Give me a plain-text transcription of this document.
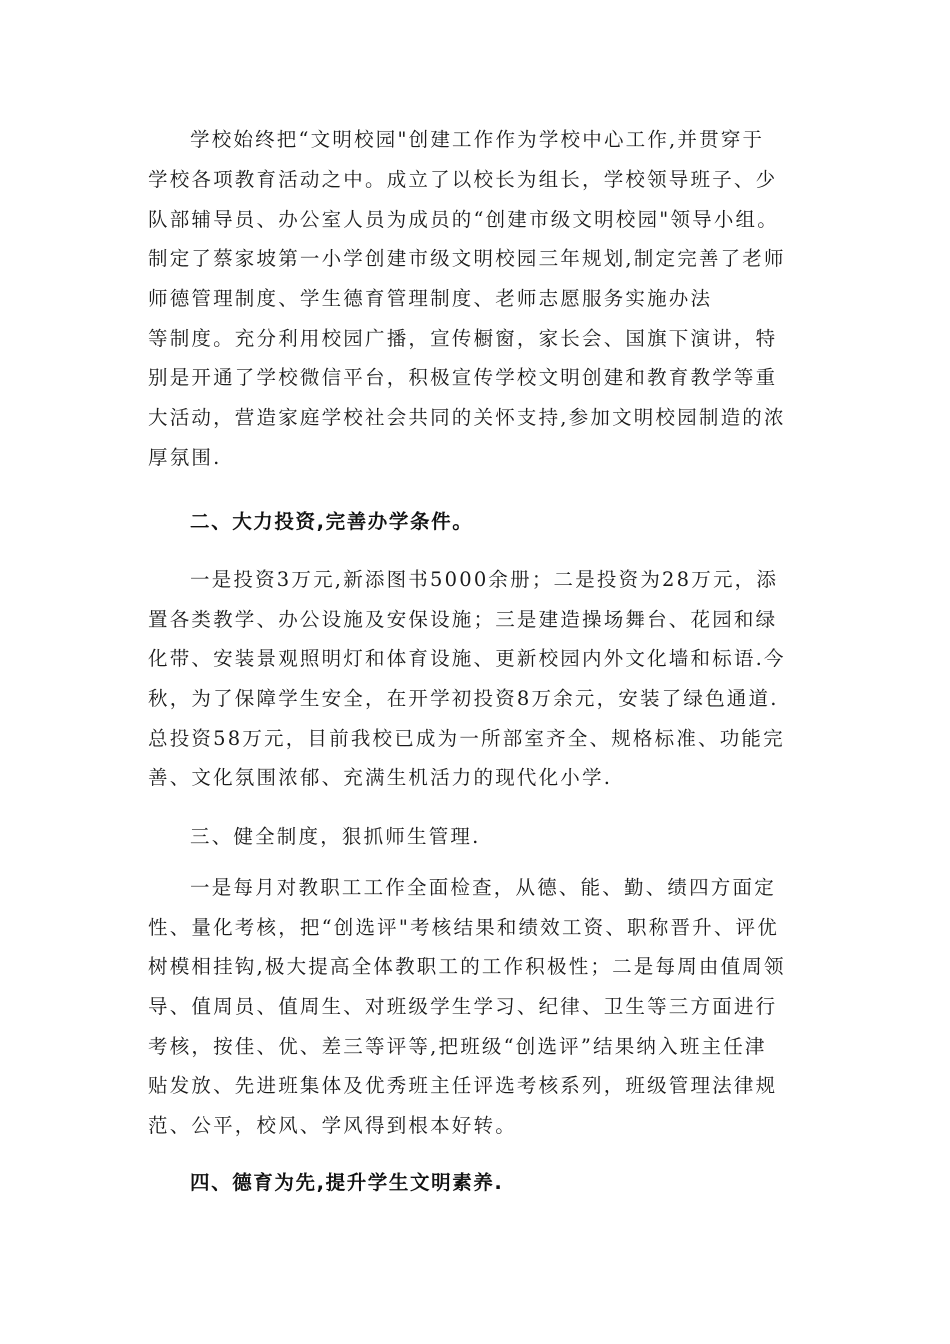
学校始终把“文明校园"创建工作作为学校中心工作,并贯穿于
学校各项教育活动之中。成立了以校长为组长，学校领导班子、少
队部辅导员、办公室人员为成员的“创建市级文明校园"领导小组。
制定了蔡家坡第一小学创建市级文明校园三年规划,制定完善了老师
师德管理制度、学生德育管理制度、老师志愿服务实施办法
等制度。充分利用校园广播，宣传橱窗，家长会、国旗下演讲，特
别是开通了学校微信平台，积极宣传学校文明创建和教育教学等重
大活动，营造家庭学校社会共同的关怀支持,参加文明校园制造的浓
厚氛围.
二、大力投资,完善办学条件。
一是投资3万元,新添图书5000余册；二是投资为28万元，添
置各类教学、办公设施及安保设施；三是建造操场舞台、花园和绿
化带、安装景观照明灯和体育设施、更新校园内外文化墙和标语.今
秋，为了保障学生安全，在开学初投资8万余元，安装了绿色通道.
总投资58万元，目前我校已成为一所部室齐全、规格标准、功能完
善、文化氛围浓郁、充满生机活力的现代化小学.
三、健全制度，狠抓师生管理.
一是每月对教职工工作全面检查，从德、能、勤、绩四方面定
性、量化考核，把“创选评"考核结果和绩效工资、职称晋升、评优
树模相挂钩,极大提高全体教职工的工作积极性；二是每周由值周领
导、值周员、值周生、对班级学生学习、纪律、卫生等三方面进行
考核，按佳、优、差三等评等,把班级“创选评”结果纳入班主任津
贴发放、先进班集体及优秀班主任评选考核系列，班级管理法律规
范、公平，校风、学风得到根本好转。
四、德育为先,提升学生文明素养.
